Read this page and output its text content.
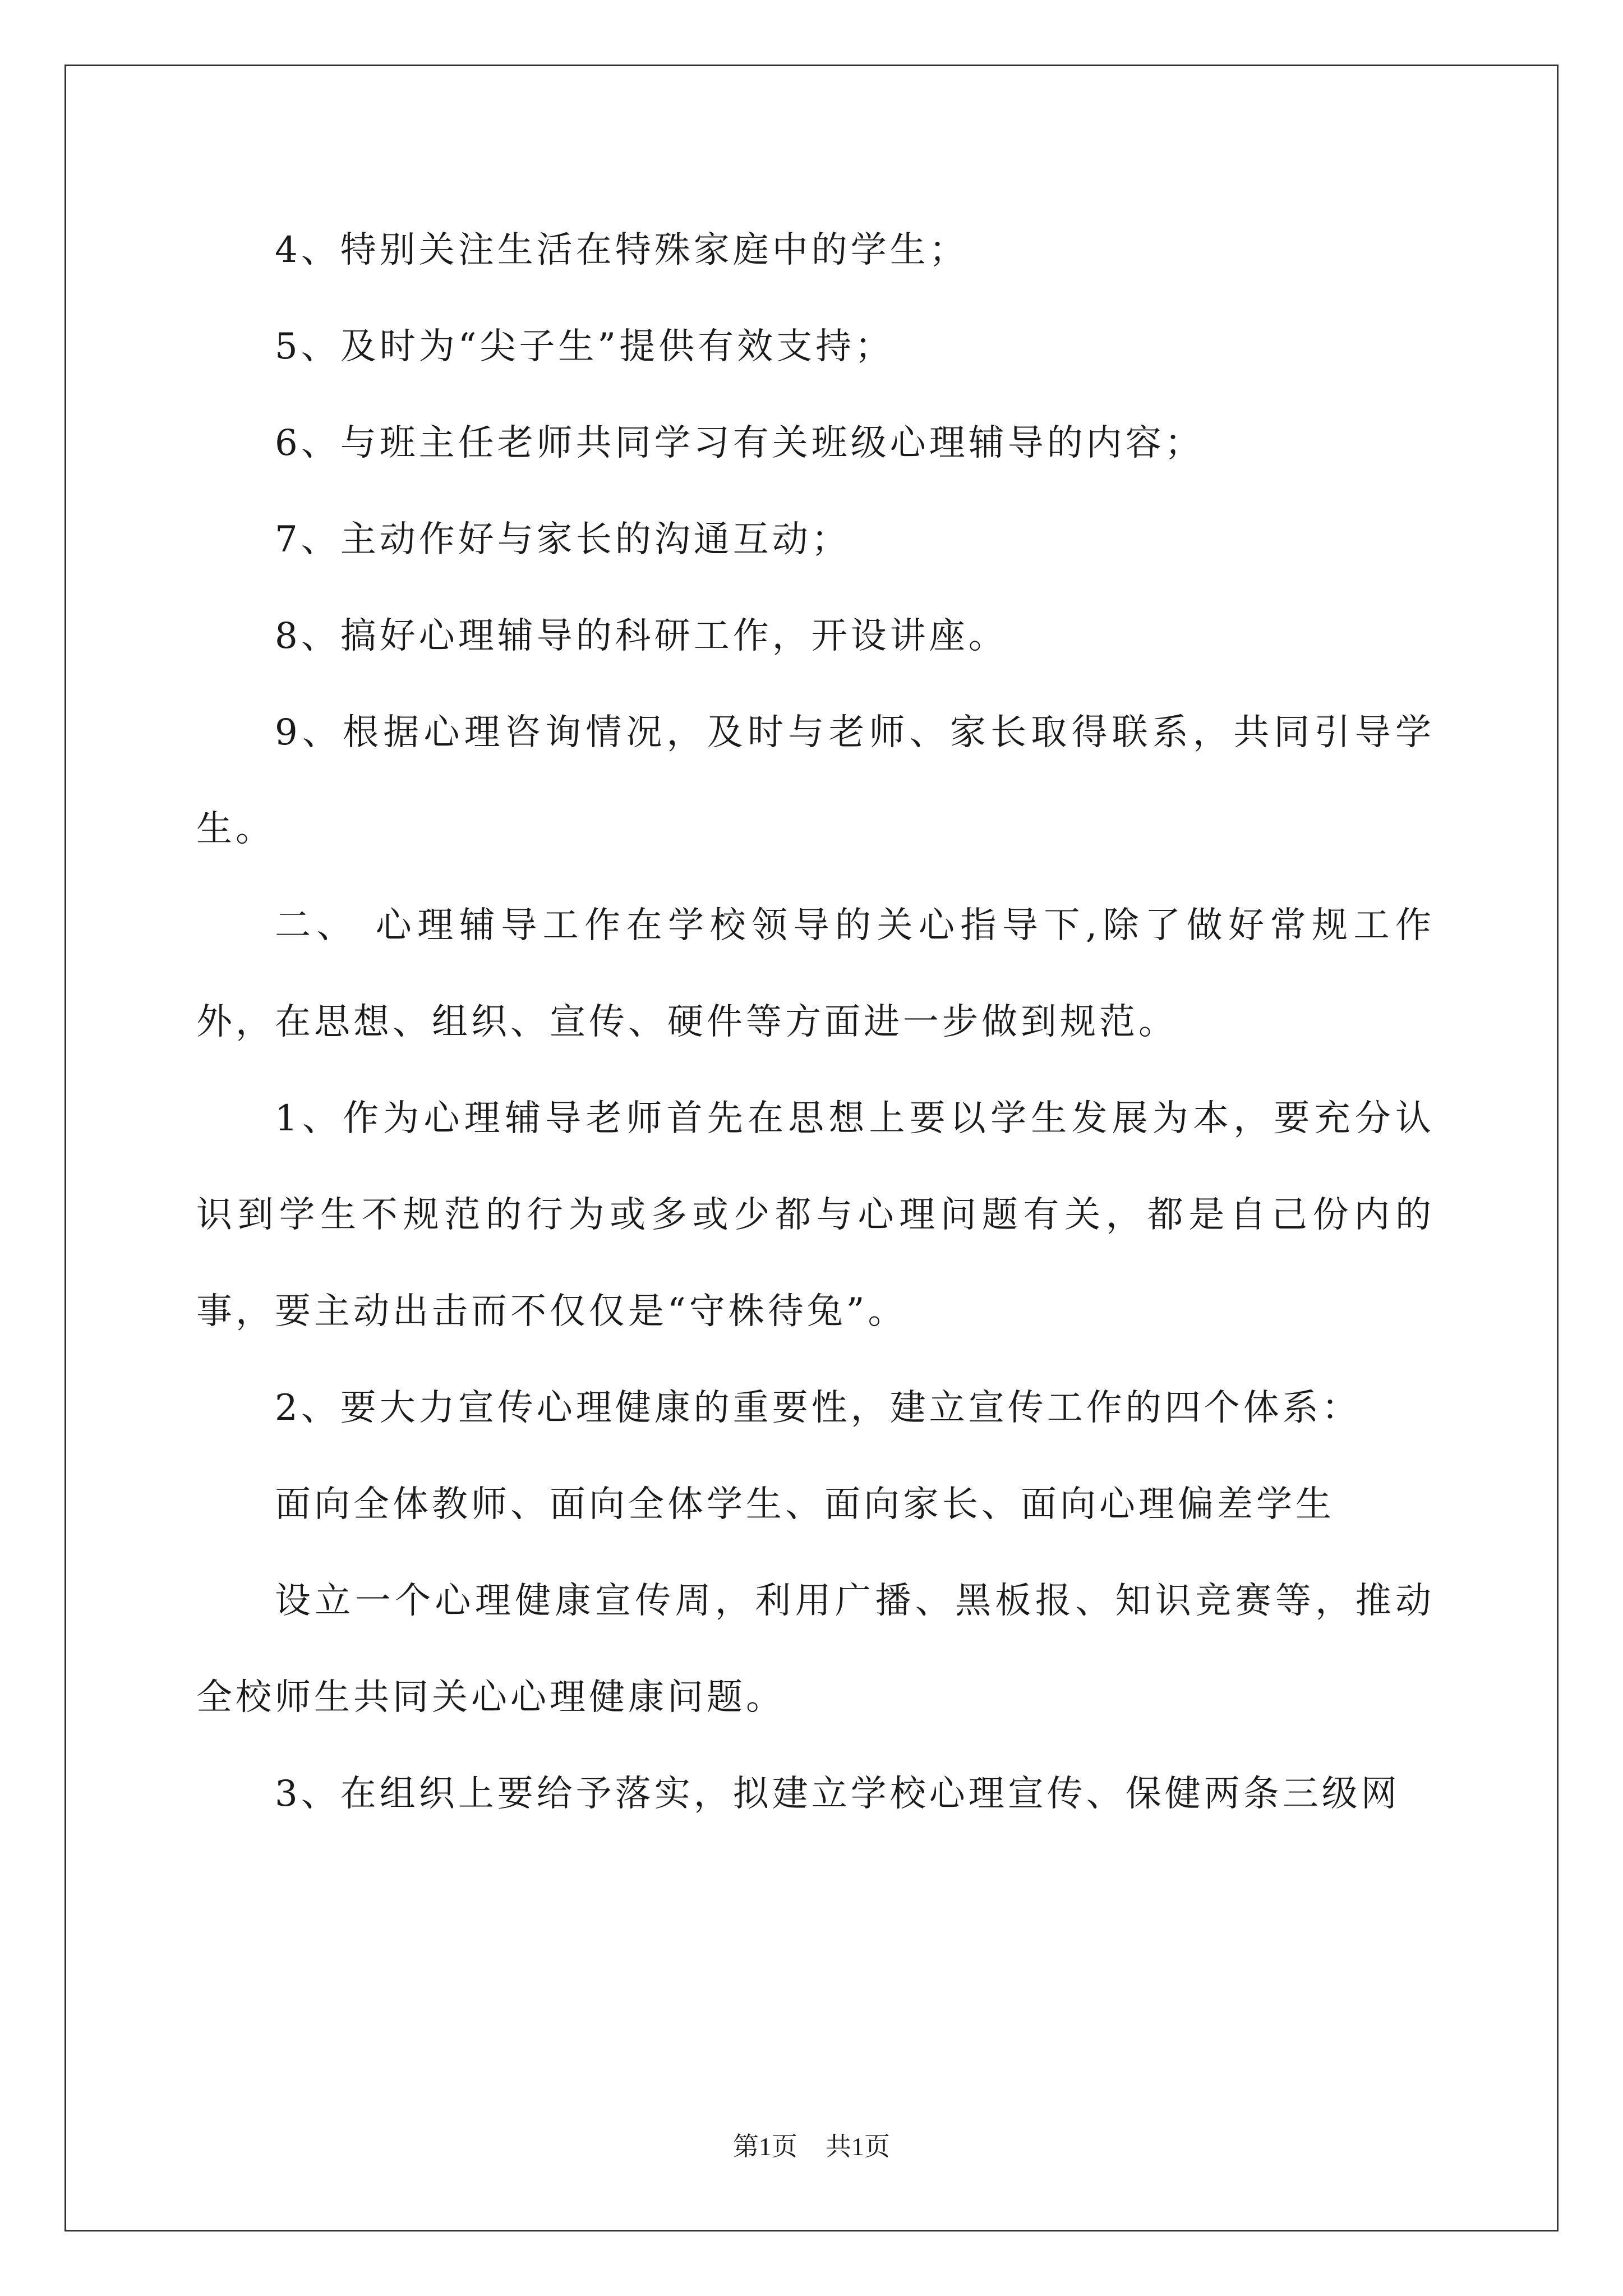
4、特别关注生活在特殊家庭中的学生；

5、及时为“尖子生”提供有效支持；

6、与班主任老师共同学习有关班级心理辅导的内容；

7、主动作好与家长的沟通互动；

8、搞好心理辅导的科研工作，开设讲座。

9、根据心理咨询情况，及时与老师、家长取得联系，共同引导学生。

二、 心理辅导工作在学校领导的关心指导下,除了做好常规工作外，在思想、组织、宣传、硬件等方面进一步做到规范。

1、作为心理辅导老师首先在思想上要以学生发展为本，要充分认识到学生不规范的行为或多或少都与心理问题有关，都是自己份内的事，要主动出击而不仅仅是“守株待兔”。

2、要大力宣传心理健康的重要性，建立宣传工作的四个体系：

面向全体教师、面向全体学生、面向家长、面向心理偏差学生

设立一个心理健康宣传周，利用广播、黑板报、知识竞赛等，推动全校师生共同关心心理健康问题。

3、在组织上要给予落实，拟建立学校心理宣传、保健两条三级网

第1页 共1页
